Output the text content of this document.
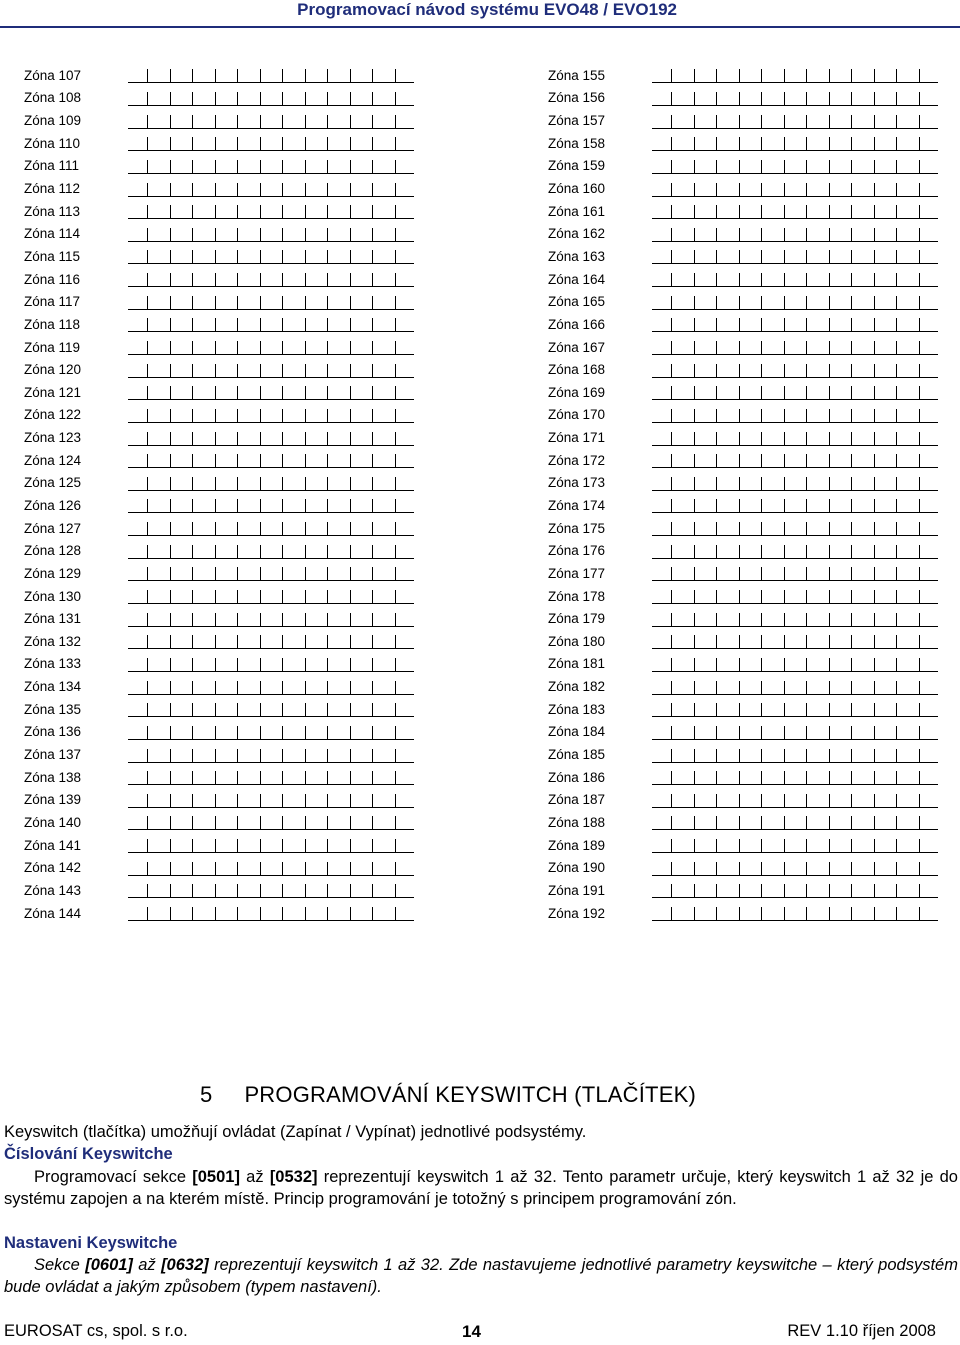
Programovací návod systému EVO48 / EVO192
Zóna 107
Zóna 108
Zóna 109
Zóna 110
Zóna 111
Zóna 112
Zóna 113
Zóna 114
Zóna 115
Zóna 116
Zóna 117
Zóna 118
Zóna 119
Zóna 120
Zóna 121
Zóna 122
Zóna 123
Zóna 124
Zóna 125
Zóna 126
Zóna 127
Zóna 128
Zóna 129
Zóna 130
Zóna 131
Zóna 132
Zóna 133
Zóna 134
Zóna 135
Zóna 136
Zóna 137
Zóna 138
Zóna 139
Zóna 140
Zóna 141
Zóna 142
Zóna 143
Zóna 144
Zóna 155
Zóna 156
Zóna 157
Zóna 158
Zóna 159
Zóna 160
Zóna 161
Zóna 162
Zóna 163
Zóna 164
Zóna 165
Zóna 166
Zóna 167
Zóna 168
Zóna 169
Zóna 170
Zóna 171
Zóna 172
Zóna 173
Zóna 174
Zóna 175
Zóna 176
Zóna 177
Zóna 178
Zóna 179
Zóna 180
Zóna 181
Zóna 182
Zóna 183
Zóna 184
Zóna 185
Zóna 186
Zóna 187
Zóna 188
Zóna 189
Zóna 190
Zóna 191
Zóna 192
5 PROGRAMOVÁNÍ KEYSWITCH (TLAČÍTEK)
Keyswitch (tlačítka) umožňují ovládat (Zapínat / Vypínat) jednotlivé podsystémy.
Číslování Keyswitche
Programovací sekce [0501] až [0532] reprezentují keyswitch 1 až 32. Tento parametr určuje, který keyswitch 1 až 32 je do systému zapojen a na kterém místě. Princip programování je totožný s principem programování zón.
Nastaveni Keyswitche
Sekce [0601] až [0632] reprezentují keyswitch 1 až 32. Zde nastavujeme jednotlivé parametry keyswitche – který podsystém bude ovládat a jakým způsobem (typem nastavení).
EUROSAT cs, spol. s r.o.	14	REV 1.10 říjen 2008
